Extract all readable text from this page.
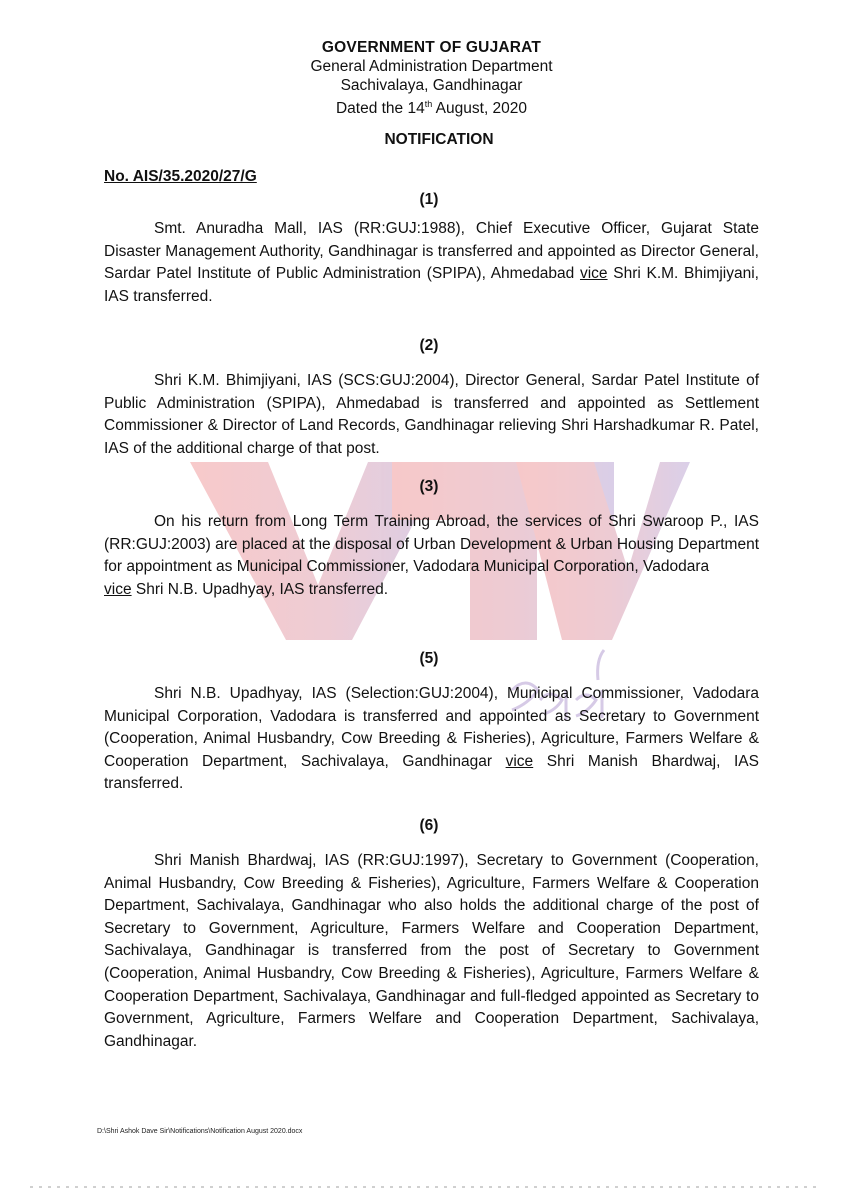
GOVERNMENT OF GUJARAT
General Administration Department
Sachivalaya, Gandhinagar
Dated the 14th August, 2020
NOTIFICATION
No. AIS/35.2020/27/G
(1)
Smt. Anuradha Mall, IAS (RR:GUJ:1988), Chief Executive Officer, Gujarat State Disaster Management Authority, Gandhinagar is transferred and appointed as Director General, Sardar Patel Institute of Public Administration (SPIPA), Ahmedabad vice Shri K.M. Bhimjiyani, IAS transferred.
(2)
Shri K.M. Bhimjiyani, IAS (SCS:GUJ:2004), Director General, Sardar Patel Institute of Public Administration (SPIPA), Ahmedabad is transferred and appointed as Settlement Commissioner & Director of Land Records, Gandhinagar relieving Shri Harshadkumar R. Patel, IAS of the additional charge of that post.
(3)
On his return from Long Term Training Abroad, the services of Shri Swaroop P., IAS (RR:GUJ:2003) are placed at the disposal of Urban Development & Urban Housing Department for appointment as Municipal Commissioner, Vadodara Municipal Corporation, Vadodara
vice Shri N.B. Upadhyay, IAS transferred.
(5)
Shri N.B. Upadhyay, IAS (Selection:GUJ:2004), Municipal Commissioner, Vadodara Municipal Corporation, Vadodara is transferred and appointed as Secretary to Government (Cooperation, Animal Husbandry, Cow Breeding & Fisheries), Agriculture, Farmers Welfare & Cooperation Department, Sachivalaya, Gandhinagar vice Shri Manish Bhardwaj, IAS transferred.
(6)
Shri Manish Bhardwaj, IAS (RR:GUJ:1997), Secretary to Government (Cooperation, Animal Husbandry, Cow Breeding & Fisheries), Agriculture, Farmers Welfare & Cooperation Department, Sachivalaya, Gandhinagar who also holds the additional charge of the post of Secretary to Government, Agriculture, Farmers Welfare and Cooperation Department, Sachivalaya, Gandhinagar is transferred from the post of Secretary to Government (Cooperation, Animal Husbandry, Cow Breeding & Fisheries), Agriculture, Farmers Welfare & Cooperation Department, Sachivalaya, Gandhinagar and full-fledged appointed as Secretary to Government, Agriculture, Farmers Welfare and Cooperation Department, Sachivalaya, Gandhinagar.
D:\Shri Ashok Dave Sir\Notifications\Notification August 2020.docx
